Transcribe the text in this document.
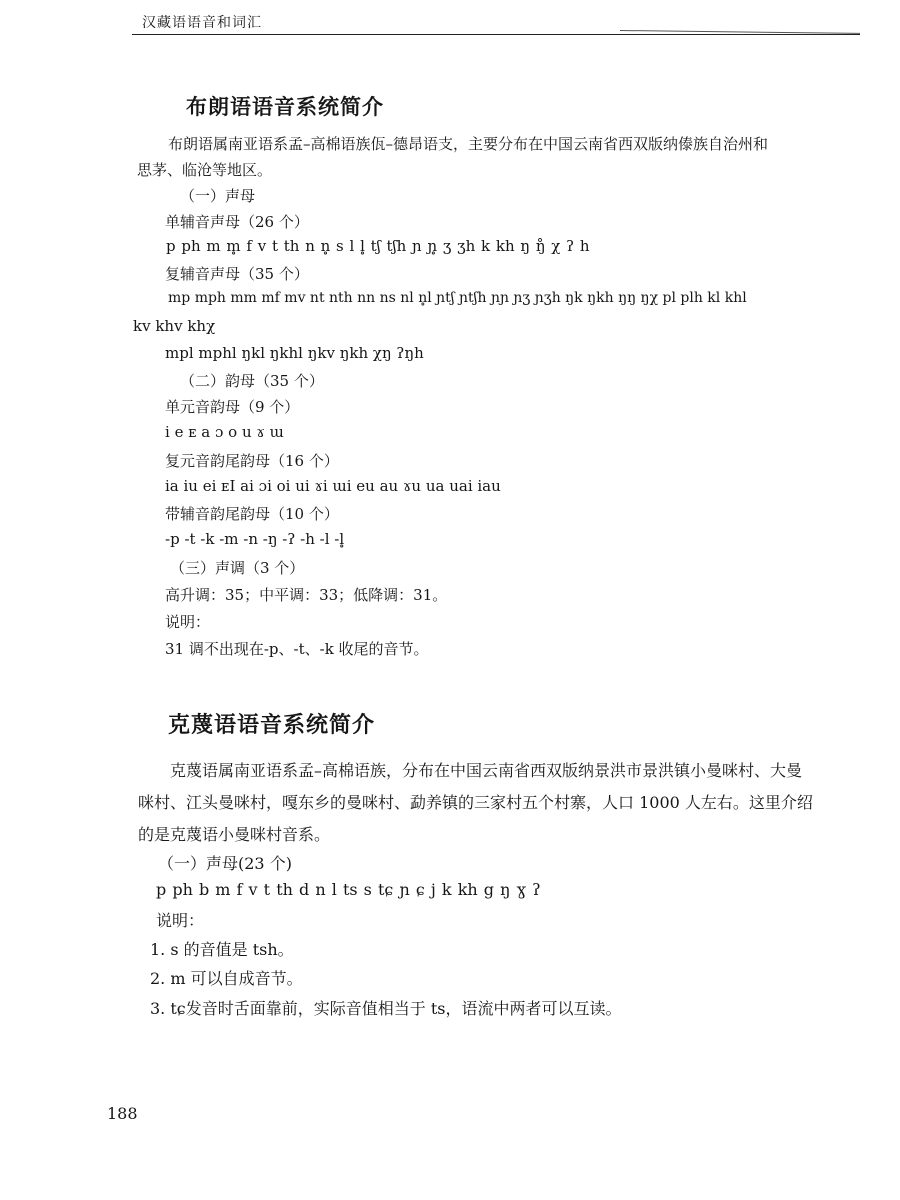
汉藏语语音和词汇
布朗语语音系统简介
布朗语属南亚语系孟–高棉语族佤–德昂语支，主要分布在中国云南省西双版纳傣族自治州和
思茅、临沧等地区。
（一）声母
单辅音声母（26 个）
p ph m m̥ f v t th n n̥ s l l̥ tʃ tʃh ɲ ɲ̥ ʒ ʒh k kh ŋ ŋ̊ χ ʔ h
复辅音声母（35 个）
mp mph mm mf mv nt nth nn ns nl n̥l ɲtʃ ɲtʃh ɲɲ ɲʒ ɲʒh ŋk ŋkh ŋŋ ŋχ pl plh kl khl
kv khv khχ
mpl mphl ŋkl ŋkhl ŋkv ŋkh χŋ ʔŋh
（二）韵母（35 个）
单元音韵母（9 个）
i e ᴇ a ɔ o u ɤ ɯ
复元音韵尾韵母（16 个）
ia iu ei ᴇI ai ɔi oi ui ɤi ɯi eu au ɤu ua uai iau
带辅音韵尾韵母（10 个）
-p -t -k -m -n -ŋ -ʔ -h -l -l̥
（三）声调（3 个）
高升调：35；中平调：33；低降调：31。
说明：
31 调不出现在-p、-t、-k 收尾的音节。
克蔑语语音系统简介
克蔑语属南亚语系孟–高棉语族，分布在中国云南省西双版纳景洪市景洪镇小曼咪村、大曼
咪村、江头曼咪村，嘎东乡的曼咪村、勐养镇的三家村五个村寨，人口 1000 人左右。这里介绍
的是克蔑语小曼咪村音系。
（一）声母(23 个)
p ph b m f v t th d n l ts s tɕ ɲ ɕ j k kh g ŋ ɣ ʔ
说明：
1. s 的音值是 tsh。
2. m 可以自成音节。
3. tɕ发音时舌面靠前，实际音值相当于 ts，语流中两者可以互读。
188
